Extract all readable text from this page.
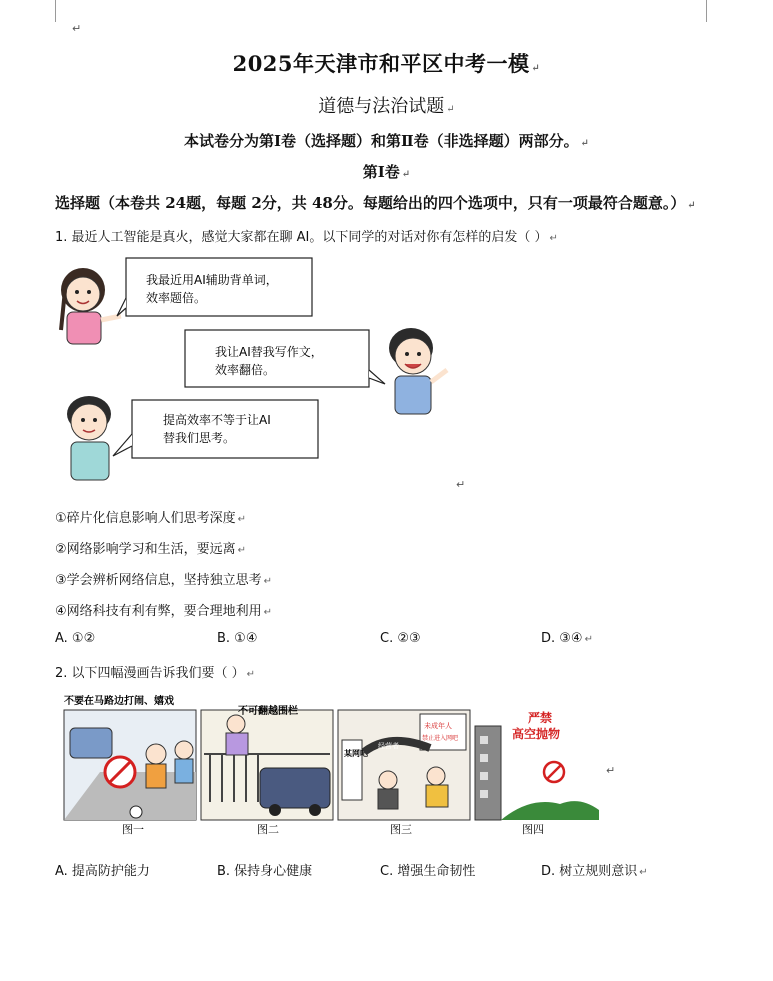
↵
2025年天津市和平区中考一模 ↵
道德与法治试题 ↵
本试卷分为第Ⅰ卷（选择题）和第Ⅱ卷（非选择题）两部分。 ↵
第Ⅰ卷 ↵
选择题（本卷共 24题，每题 2分，共 48分。每题给出的四个选项中，只有一项最符合题意。） ↵
1. 最近人工智能是真火，感觉大家都在聊 AI。以下同学的对话对你有怎样的启发（ ） ↵
我最近用AI辅助背单词，
效率题倍。
我让AI替我写作文，
效率翻倍。
提高效率不等于让AI
替我们思考。
↵
①碎片化信息影响人们思考深度 ↵
②网络影响学习和生活，要远离 ↵
③学会辨析网络信息，坚持独立思考 ↵
④网络科技有利有弊，要合理地利用 ↵
A. ①②	B. ①④	C. ②③	D. ③④ ↵
2. 以下四幅漫画告诉我们要（ ） ↵
不要在马路边打闹、嬉戏
图一
不可翻越围栏
图二
未成年人
禁止进入网吧
某网吧
经营者
图三
严禁
高空抛物
图四
↵
A. 提高防护能力	B. 保持身心健康	C. 增强生命韧性	D. 树立规则意识 ↵
